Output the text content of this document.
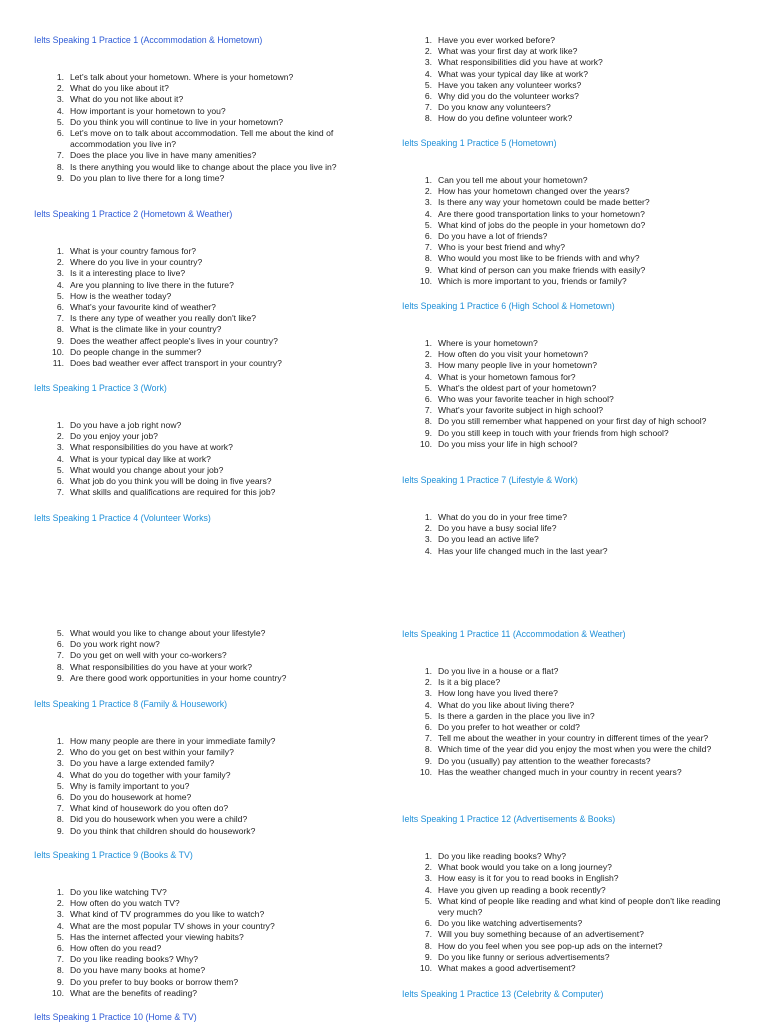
Ielts Speaking 1 Practice 1 (Accommodation & Hometown)
1. Let's talk about your hometown. Where is your hometown?
2. What do you like about it?
3. What do you not like about it?
4. How important is your hometown to you?
5. Do you think you will continue to live in your hometown?
6. Let's move on to talk about accommodation. Tell me about the kind of accommodation you live in?
7. Does the place you live in have many amenities?
8. Is there anything you would like to change about the place you live in?
9. Do you plan to live there for a long time?
Ielts Speaking 1 Practice 2 (Hometown & Weather)
1. What is your country famous for?
2. Where do you live in your country?
3. Is it a interesting place to live?
4. Are you planning to live there in the future?
5. How is the weather today?
6. What's your favourite kind of weather?
7. Is there any type of weather you really don't like?
8. What is the climate like in your country?
9. Does the weather affect people's lives in your country?
10. Do people change in the summer?
11. Does bad weather ever affect transport in your country?
Ielts Speaking 1 Practice 3 (Work)
1. Do you have a job right now?
2. Do you enjoy your job?
3. What responsibilities do you have at work?
4. What is your typical day like at work?
5. What would you change about your job?
6. What job do you think you will be doing in five years?
7. What skills and qualifications are required for this job?
Ielts Speaking 1 Practice 4 (Volunteer Works)
5. What would you like to change about your lifestyle?
6. Do you work right now?
7. Do you get on well with your co-workers?
8. What responsibilities do you have at your work?
9. Are there good work opportunities in your home country?
Ielts Speaking 1 Practice 8 (Family & Housework)
1. How many people are there in your immediate family?
2. Who do you get on best within your family?
3. Do you have a large extended family?
4. What do you do together with your family?
5. Why is family important to you?
6. Do you do housework at home?
7. What kind of housework do you often do?
8. Did you do housework when you were a child?
9. Do you think that children should do housework?
Ielts Speaking 1 Practice 9 (Books & TV)
1. Do you like watching TV?
2. How often do you watch TV?
3. What kind of TV programmes do you like to watch?
4. What are the most popular TV shows in your country?
5. Has the internet affected your viewing habits?
6. How often do you read?
7. Do you like reading books? Why?
8. Do you have many books at home?
9. Do you prefer to buy books or borrow them?
10. What are the benefits of reading?
Ielts Speaking 1 Practice 10 (Home & TV)
1. Have you ever worked before?
2. What was your first day at work like?
3. What responsibilities did you have at work?
4. What was your typical day like at work?
5. Have you taken any volunteer works?
6. Why did you do the volunteer works?
7. Do you know any volunteers?
8. How do you define volunteer work?
Ielts Speaking 1 Practice 5 (Hometown)
1. Can you tell me about your hometown?
2. How has your hometown changed over the years?
3. Is there any way your hometown could be made better?
4. Are there good transportation links to your hometown?
5. What kind of jobs do the people in your hometown do?
6. Do you have a lot of friends?
7. Who is your best friend and why?
8. Who would you most like to be friends with and why?
9. What kind of person can you make friends with easily?
10. Which is more important to you, friends or family?
Ielts Speaking 1 Practice 6 (High School & Hometown)
1. Where is your hometown?
2. How often do you visit your hometown?
3. How many people live in your hometown?
4. What is your hometown famous for?
5. What's the oldest part of your hometown?
6. Who was your favorite teacher in high school?
7. What's your favorite subject in high school?
8. Do you still remember what happened on your first day of high school?
9. Do you still keep in touch with your friends from high school?
10. Do you miss your life in high school?
Ielts Speaking 1 Practice 7 (Lifestyle & Work)
1. What do you do in your free time?
2. Do you have a busy social life?
3. Do you lead an active life?
4. Has your life changed much in the last year?
Ielts Speaking 1 Practice 11 (Accommodation & Weather)
1. Do you live in a house or a flat?
2. Is it a big place?
3. How long have you lived there?
4. What do you like about living there?
5. Is there a garden in the place you live in?
6. Do you prefer to hot weather or cold?
7. Tell me about the weather in your country in different times of the year?
8. Which time of the year did you enjoy the most when you were the child?
9. Do you (usually) pay attention to the weather forecasts?
10. Has the weather changed much in your country in recent years?
Ielts Speaking 1 Practice 12 (Advertisements & Books)
1. Do you like reading books? Why?
2. What book would you take on a long journey?
3. How easy is it for you to read books in English?
4. Have you given up reading a book recently?
5. What kind of people like reading and what kind of people don't like reading very much?
6. Do you like watching advertisements?
7. Will you buy something because of an advertisement?
8. How do you feel when you see pop-up ads on the internet?
9. Do you like funny or serious advertisements?
10. What makes a good advertisement?
Ielts Speaking 1 Practice 13 (Celebrity & Computer)
